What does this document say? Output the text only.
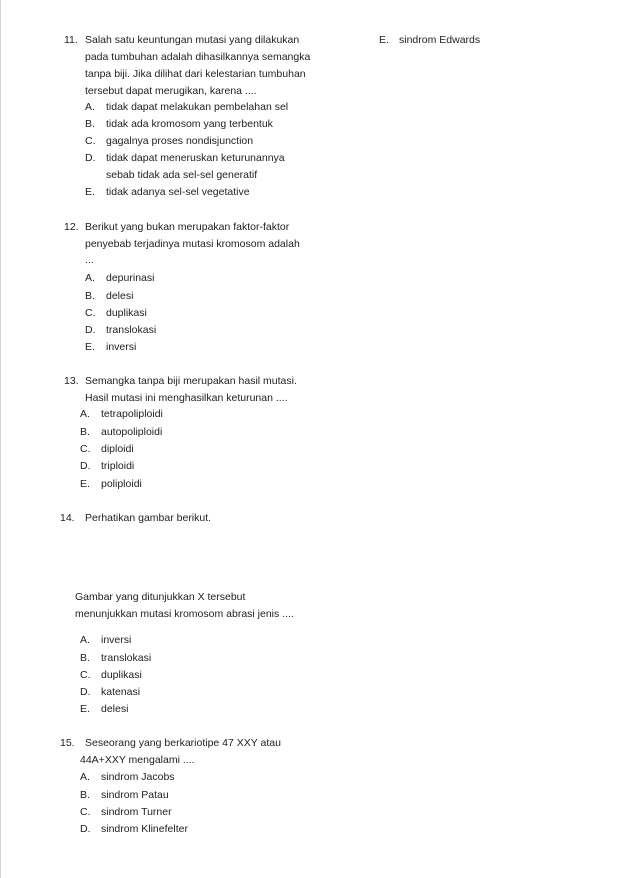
11. Salah satu keuntungan mutasi yang dilakukan
pada tumbuhan adalah dihasilkannya semangka
tanpa biji. Jika dilihat dari kelestarian tumbuhan
tersebut dapat merugikan, karena ....
A. tidak dapat melakukan pembelahan sel
B. tidak ada kromosom yang terbentuk
C. gagalnya proses nondisjunction
D. tidak dapat meneruskan keturunannya
sebab tidak ada sel-sel generatif
E. tidak adanya sel-sel vegetative
E. sindrom Edwards
12. Berikut yang bukan merupakan faktor-faktor
penyebab terjadinya mutasi kromosom adalah
...
A. depurinasi
B. delesi
C. duplikasi
D. translokasi
E. inversi
13. Semangka tanpa biji merupakan hasil mutasi.
Hasil mutasi ini menghasilkan keturunan ....
A. tetrapoliploidi
B. autopoliploidi
C. diploidi
D. triploidi
E. poliploidi
14. Perhatikan gambar berikut.
Gambar yang ditunjukkan X tersebut
menunjukkan mutasi kromosom abrasi jenis ....
A. inversi
B. translokasi
C. duplikasi
D. katenasi
E. delesi
15. Seseorang yang berkariotipe 47 XXY atau
44A+XXY mengalami ....
A. sindrom Jacobs
B. sindrom Patau
C. sindrom Turner
D. sindrom Klinefelter
